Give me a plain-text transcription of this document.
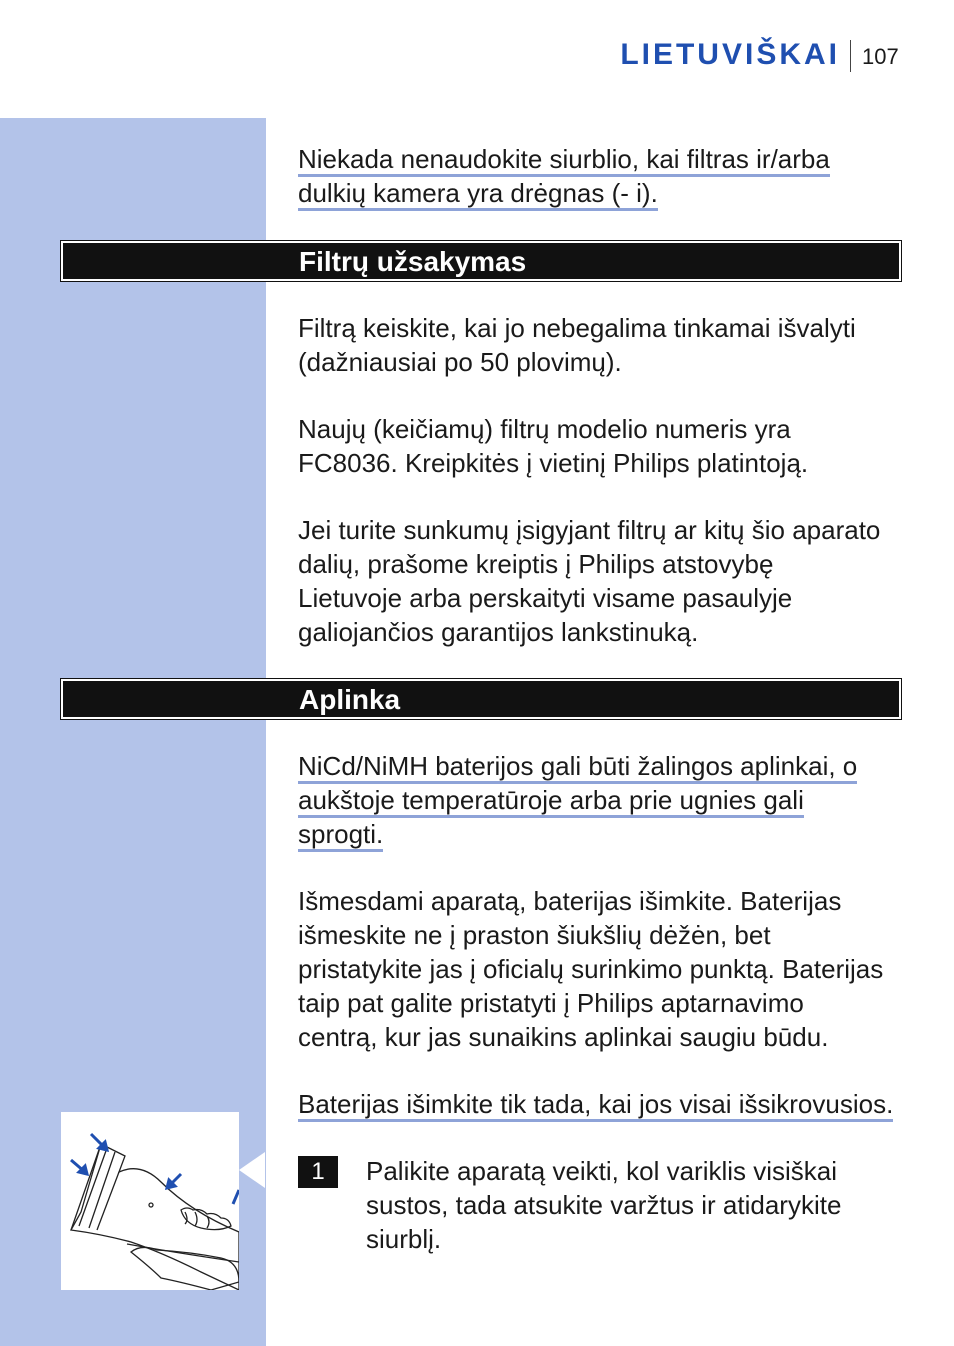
LIETUVIŠKAI 107
Niekada nenaudokite siurblio, kai filtras ir/arba
dulkių kamera yra drėgnas (- i).
Filtrų užsakymas
Filtrą keiskite, kai jo nebegalima tinkamai išvalyti
(dažniausiai po 50 plovimų).
Naujų (keičiamų) filtrų modelio numeris yra
FC8036. Kreipkitės į vietinį Philips platintoją.
Jei turite sunkumų įsigyjant filtrų ar kitų šio aparato
dalių, prašome kreiptis į Philips atstovybę
Lietuvoje arba perskaityti visame pasaulyje
galiojančios garantijos lankstinuką.
Aplinka
NiCd/NiMH baterijos gali būti žalingos aplinkai, o
aukštoje temperatūroje arba prie ugnies gali
sprogti.
Išmesdami aparatą, baterijas išimkite. Baterijas
išmeskite ne į praston šiukšlių dėžėn, bet
pristatykite jas į oficialų surinkimo punktą. Baterijas
taip pat galite pristatyti į Philips aptarnavimo
centrą, kur jas sunaikins aplinkai saugiu būdu.
Baterijas išimkite tik tada, kai jos visai išsikrovusios.
1	Palikite aparatą veikti, kol variklis visiškai
sustos, tada atsukite varžtus ir atidarykite
siurblį.
